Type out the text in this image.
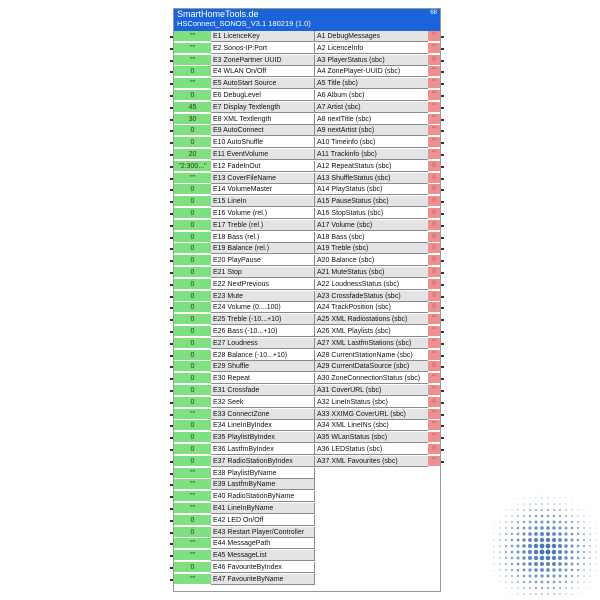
SmartHomeTools.de
HSConnect_SONOS_V3.1 180219 (1.0)
68
""	E1 LicenceKey
""	E2 Sonos-IP:Port
""	E3 ZonePartner UUID
0	E4 WLAN On/Off
""	E5 AutoStart Source
0	E6 DebugLevel
45	E7 Display Textlength
30	E8 XML Textlength
0	E9 AutoConnect
0	E10 AutoShuffle
20	E11 EventVolume
"2:300..." E12 FadeInOut
""	E13 CoverFileName
0	E14 VolumeMaster
0	E15 LineIn
0	E16 Volume (rel.)
0	E17 Treble (rel.)
0	E18 Bass (rel.)
0	E19 Balance (rel.)
0	E20 PlayPause
0	E21 Stop
0	E22 NextPrevious
0	E23 Mute
0	E24 Volume (0....100)
0	E25 Treble (-10...+10)
0	E26 Bass (-10...+10)
0	E27 Loudness
0	E28 Balance (-10...+10)
0	E29 Shuffle
0	E30 Repeat
0	E31 Crossfade
0	E32 Seek
""	E33 ConnectZone
0	E34 LineInByIndex
0	E35 PlaylistByIndex
0	E36 LastfmByIndex
0	E37 RadioStationByIndex
""	E38 PlaylistByName
""	E39 LastfmByName
""	E40 RadioStationByName
""	E41 LineInByName
0	E42 LED On/Off
0	E43 Restart Player/Controller
""	E44 MessagePath
""	E45 MessageList
0	E46 FavouriteByIndex
""	E47 FavouriteByName
A1 DebugMessages	""
A2 LicenceInfo	""
A3 PlayerStatus (sbc)	0
A4 ZonePlayer-UUID (sbc)	""
A5 Title (sbc)	""
A6 Album (sbc)	""
A7 Artist (sbc)	""
A8 nextTitle (sbc)	""
A9 nextArtist (sbc)	""
A10 Timeinfo (sbc)	""
A11 Trackinfo (sbc)	""
A12 RepeatStatus (sbc)	0
A13 ShuffleStatus (sbc)	0
A14 PlayStatus (sbc)	0
A15 PauseStatus (sbc)	0
A16 StopStatus (sbc)	0
A17 Volume (sbc)	0
A18 Bass (sbc)	0
A19 Treble (sbc)	0
A20 Balance (sbc)	0
A21 MuteStatus (sbc)	0
A22 LoudnessStatus (sbc)	0
A23 CrossfadeStatus (sbc)	0
A24 TrackPosition (sbc)	0
A25 XML Radiostations (sbc)	""
A26 XML Playlists (sbc)	""
A27 XML LastfmStations (sbc)	""
A28 CurrentStationName (sbc)	""
A29 CurrentDataSource (sbc)	0
A30 ZoneConnectionStatus (sbc)	""
A31 CoverURL (sbc)	""
A32 LineInStatus (sbc)	0
A33 XXIMG CoverURL (sbc)	""
A34 XML LineINs (sbc)	""
A35 WLanStatus (sbc)	""
A36 LEDStatus (sbc)	0
A37 XML Favourites (sbc)	""
